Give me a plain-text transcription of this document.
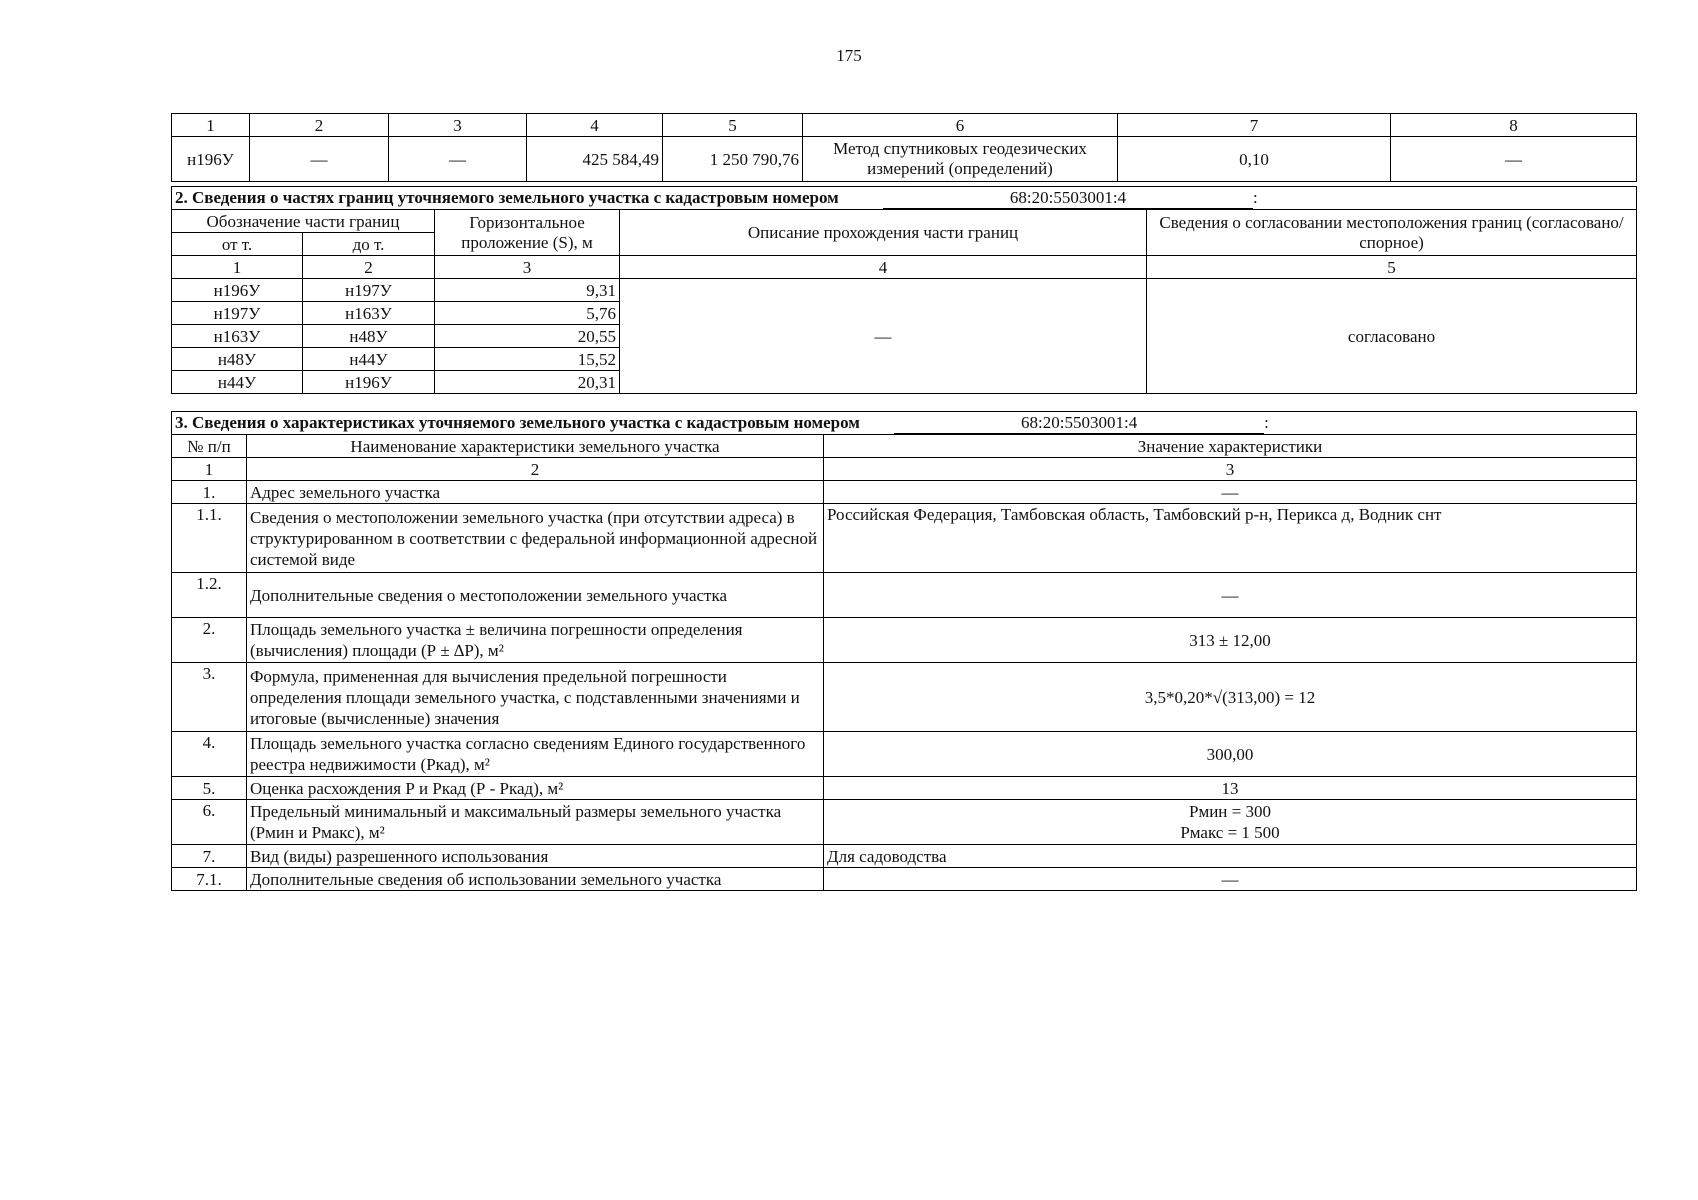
175
1	2	3	4	5	6	7	8
н196У	—	—	425 584,49	1 250 790,76	Метод спутниковых геодезических измерений (определений)	0,10	—
2. Сведения о частях границ уточняемого земельного участка с кадастровым номером 68:20:5503001:4 :				
Обозначение части границ		Горизонтальное проложение (S), м	Описание прохождения части границ	Сведения о согласовании местоположения границ (согласовано/спорное)
от т.	до т.			
1	2	3	4	5
н196У	н197У	9,31	—	согласовано
н197У	н163У	5,76		
н163У	н48У	20,55		
н48У	н44У	15,52		
н44У	н196У	20,31		
3. Сведения о характеристиках уточняемого земельного участка с кадастровым номером 68:20:5503001:4 :		
№ п/п	Наименование характеристики земельного участка	Значение характеристики
1	2	3
1.	Адрес земельного участка	—
1.1.	Сведения о местоположении земельного участка (при отсутствии адреса) в структурированном в соответствии с федеральной информационной адресной системой виде	Российская Федерация, Тамбовская область, Тамбовский р-н, Перикса д, Водник снт
1.2.	Дополнительные сведения о местоположении земельного участка	—
2.	Площадь земельного участка ± величина погрешности определения (вычисления) площади (Р ± ∆Р), м²	313 ± 12,00
3.	Формула, примененная для вычисления предельной погрешности определения площади земельного участка, с подставленными значениями и итоговые (вычисленные) значения	3,5*0,20*√(313,00) = 12
4.	Площадь земельного участка согласно сведениям Единого государственного реестра недвижимости (Ркад), м²	300,00
5.	Оценка расхождения Р и Ркад (Р - Ркад), м²	13
6.	Предельный минимальный и максимальный размеры земельного участка (Рмин и Рмакс), м²	Рмин = 300
Рмакс = 1 500

7.	Вид (виды) разрешенного использования	Для садоводства
7.1.	Дополнительные сведения об использовании земельного участка	—
